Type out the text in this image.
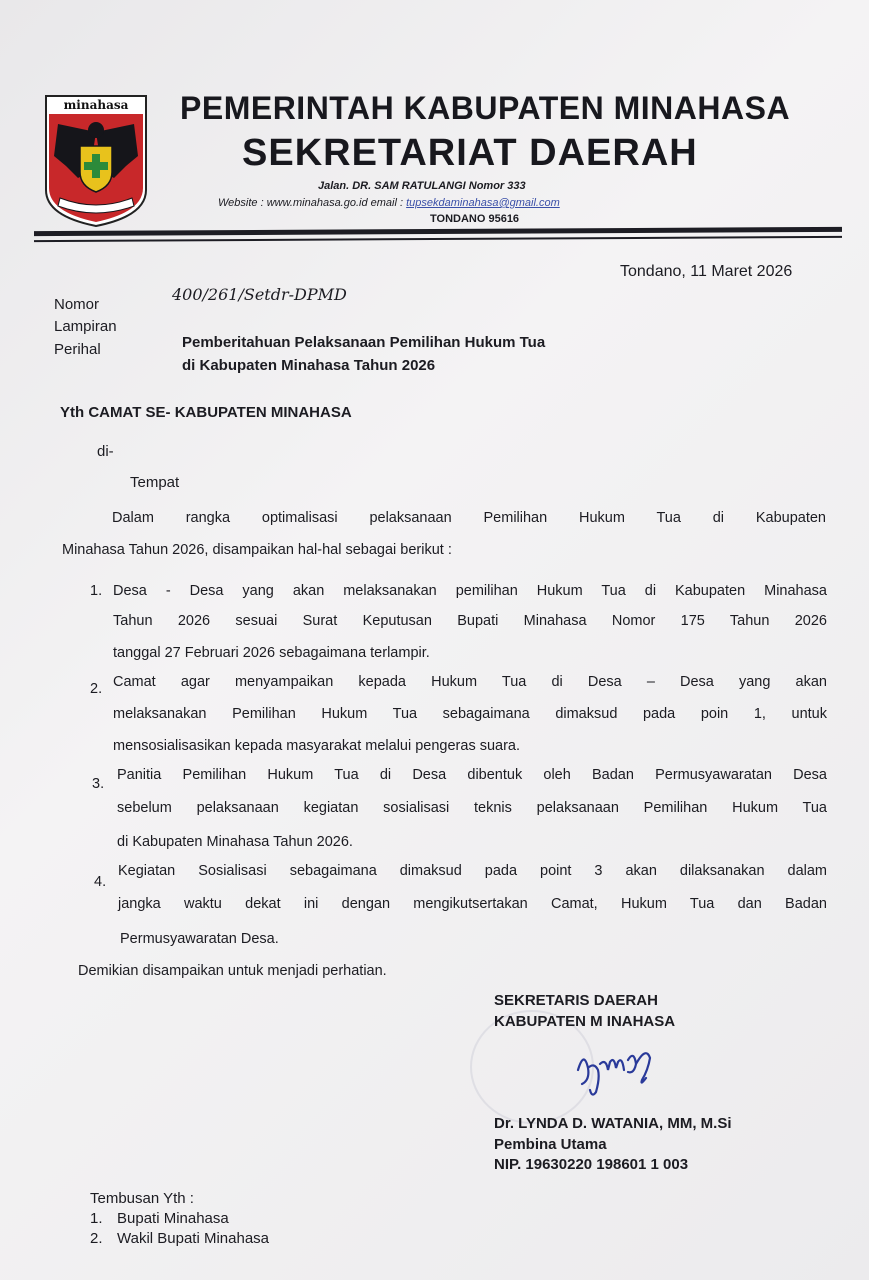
minahasa PEMERINTAH KABUPATEN MINAHASA
SEKRETARIAT DAERAH
Jalan. DR. SAM RATULANGI Nomor 333
Website : www.minahasa.go.id email : tupsekdaminahasa@gmail.com
TONDANO 95616
Tondano, 11 Maret 2026
Nomor
400/261/Setdr-DPMD
Lampiran
Perihal	Pemberitahuan Pelaksanaan Pemilihan Hukum Tua
di Kabupaten Minahasa Tahun 2026
Yth CAMAT SE- KABUPATEN MINAHASA
di-
Tempat
Dalam rangka optimalisasi pelaksanaan Pemilihan Hukum Tua di Kabupaten
Minahasa Tahun 2026, disampaikan hal-hal sebagai berikut :
1. Desa - Desa yang akan melaksanakan pemilihan Hukum Tua di Kabupaten Minahasa
Tahun 2026 sesuai Surat Keputusan Bupati Minahasa Nomor 175 Tahun 2026
tanggal 27 Februari 2026 sebagaimana terlampir.
2. Camat agar menyampaikan kepada Hukum Tua di Desa – Desa yang akan
melaksanakan Pemilihan Hukum Tua sebagaimana dimaksud pada poin 1, untuk
mensosialisasikan kepada masyarakat melalui pengeras suara.
3.
Panitia Pemilihan Hukum Tua di Desa dibentuk oleh Badan Permusyawaratan Desa
sebelum pelaksanaan kegiatan sosialisasi teknis pelaksanaan Pemilihan Hukum Tua
di Kabupaten Minahasa Tahun 2026.
4.
Kegiatan Sosialisasi sebagaimana dimaksud pada point 3 akan dilaksanakan dalam
jangka waktu dekat ini dengan mengikutsertakan Camat, Hukum Tua dan Badan
Permusyawaratan Desa.
Demikian disampaikan untuk menjadi perhatian.
SEKRETARIS DAERAH
KABUPATEN M INAHASA
Dr. LYNDA D. WATANIA, MM, M.Si
Pembina Utama
NIP. 19630220 198601 1 003
Tembusan Yth :
1. Bupati Minahasa
2. Wakil Bupati Minahasa
